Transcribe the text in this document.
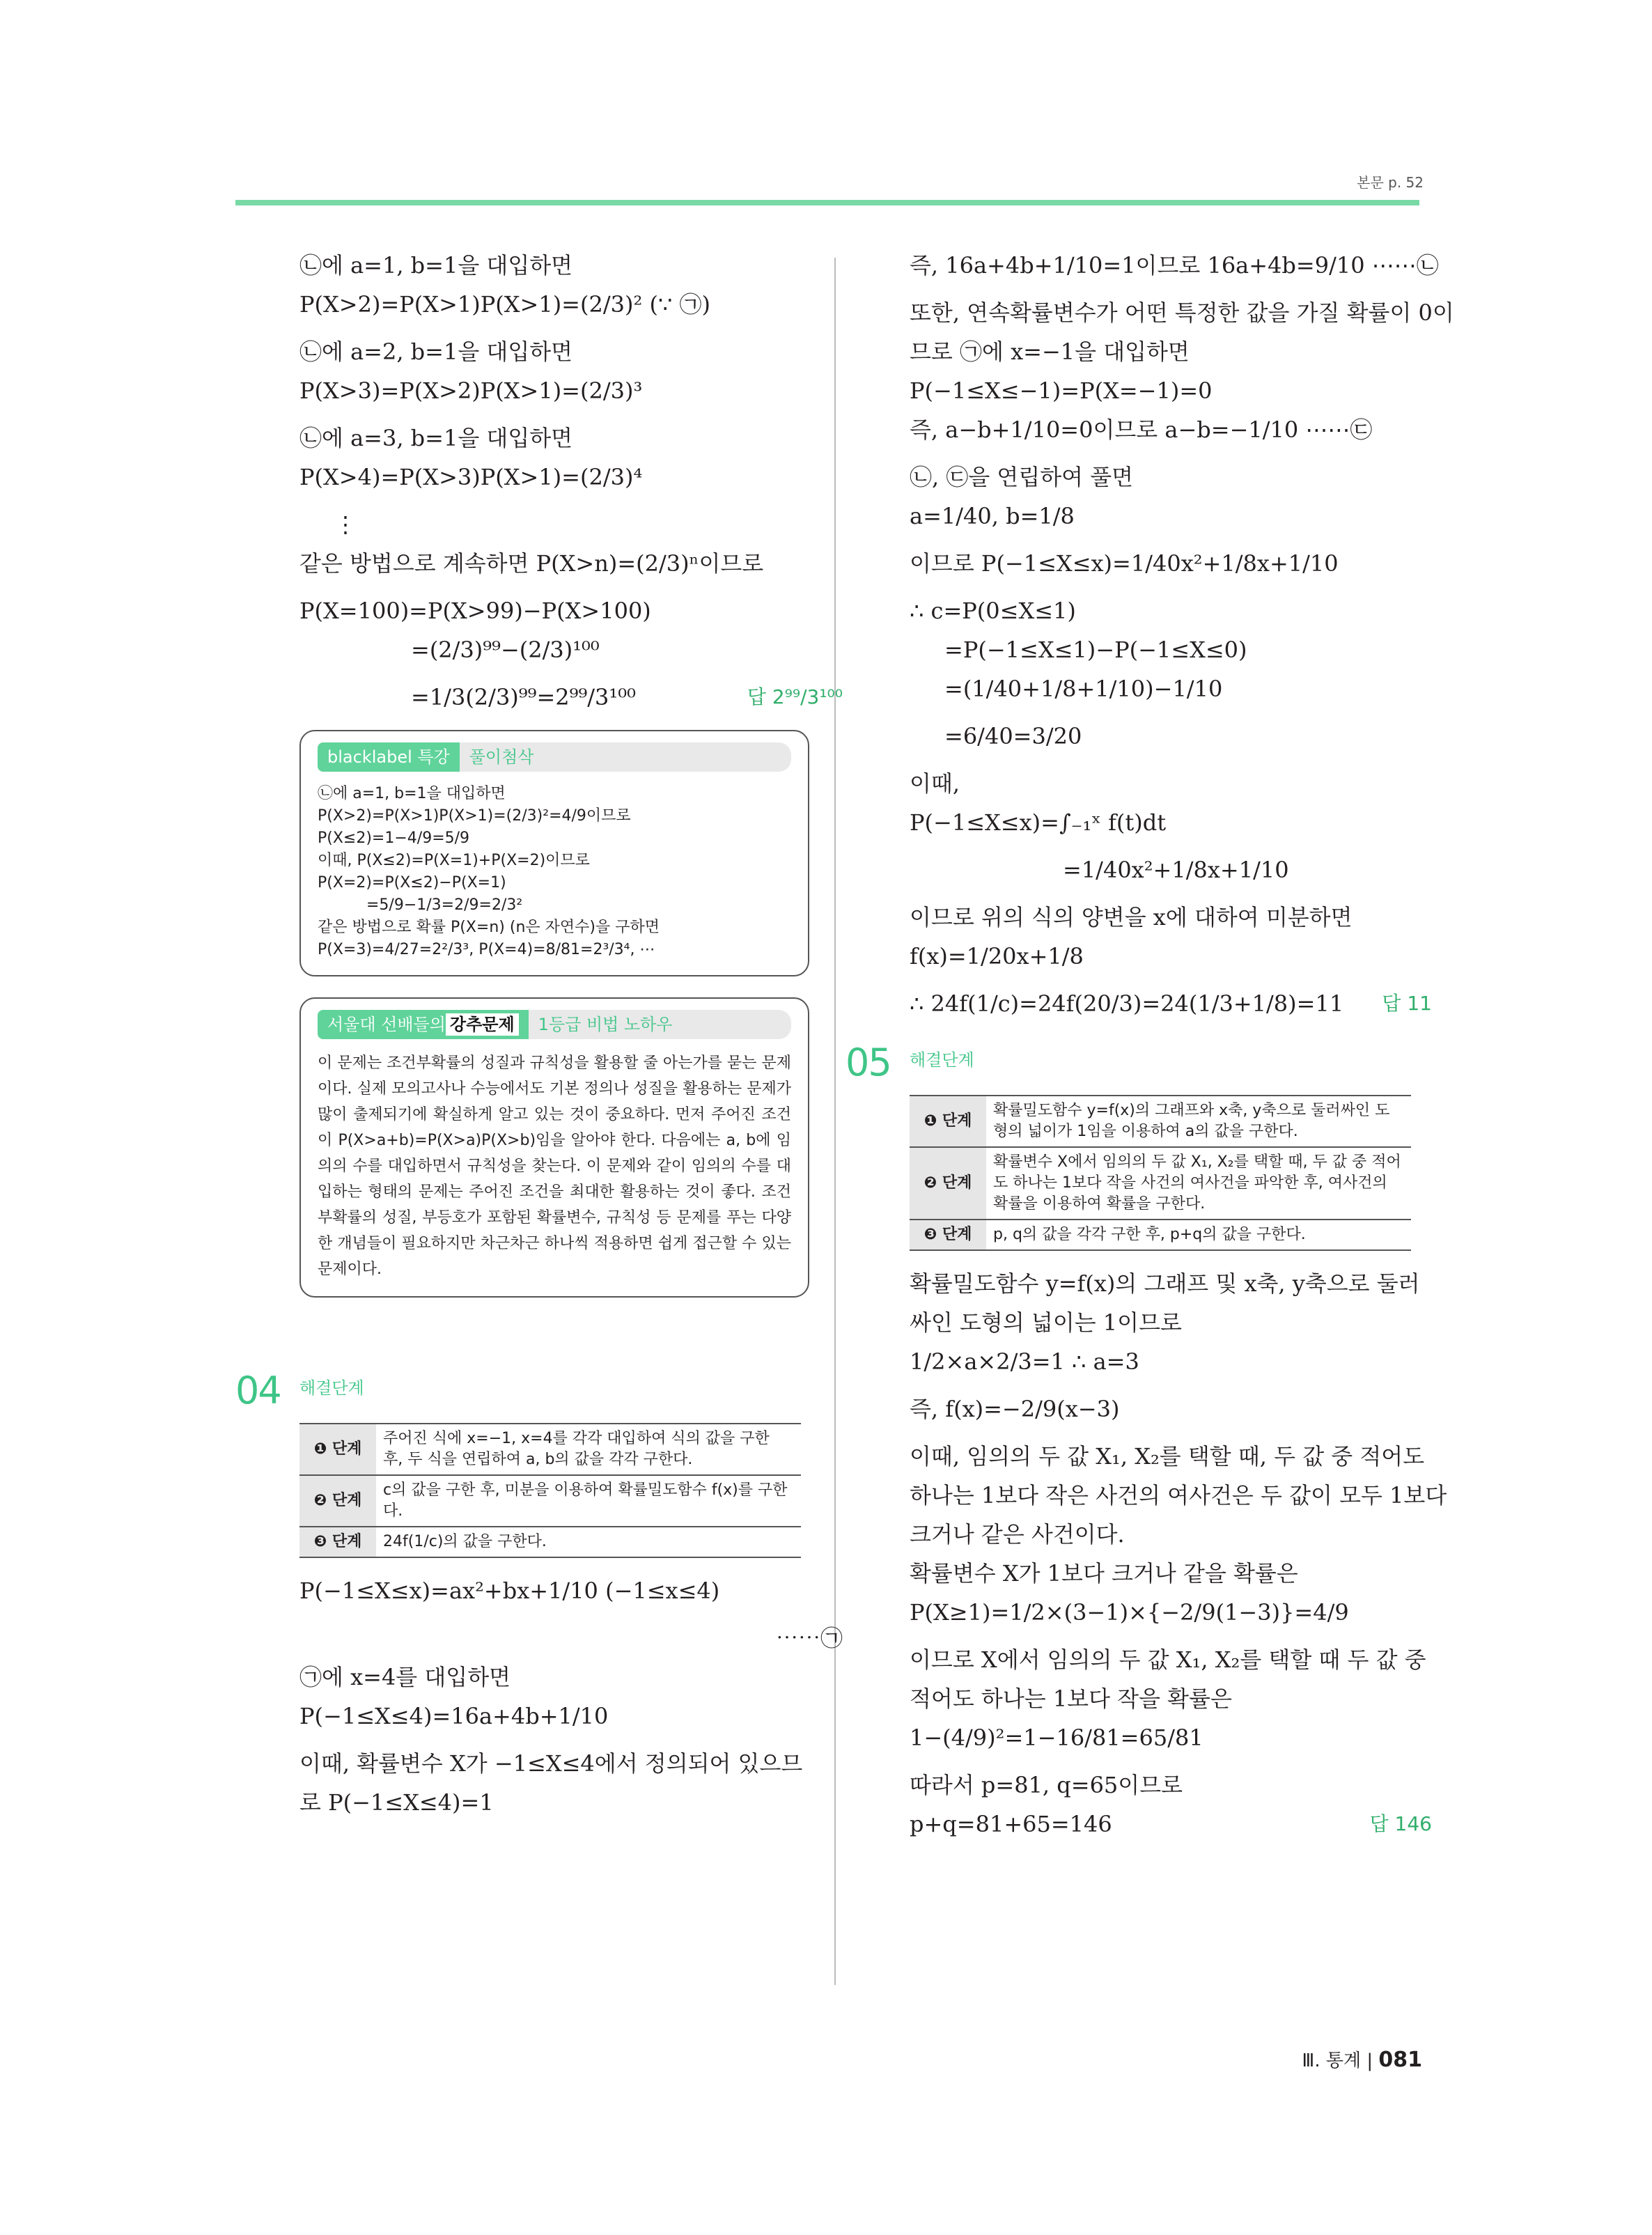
본문 p. 52
㉡에 a=1, b=1을 대입하면
P(X>2)=P(X>1)P(X>1)=(2/3)² (∵ ㉠)
㉡에 a=2, b=1을 대입하면
P(X>3)=P(X>2)P(X>1)=(2/3)³
㉡에 a=3, b=1을 대입하면
P(X>4)=P(X>3)P(X>1)=(2/3)⁴
⋮
같은 방법으로 계속하면 P(X>n)=(2/3)ⁿ이므로
P(X=100)=P(X>99)−P(X>100)
=(2/3)⁹⁹−(2/3)¹⁰⁰
=1/3(2/3)⁹⁹=2⁹⁹/3¹⁰⁰	답 2⁹⁹/3¹⁰⁰
blacklabel 특강	풀이첨삭
㉡에 a=1, b=1을 대입하면
P(X>2)=P(X>1)P(X>1)=(2/3)²=4/9이므로
P(X≤2)=1−4/9=5/9
이때, P(X≤2)=P(X=1)+P(X=2)이므로
P(X=2)=P(X≤2)−P(X=1)
=5/9−1/3=2/9=2/3²
같은 방법으로 확률 P(X=n) (n은 자연수)을 구하면
P(X=3)=4/27=2²/3³, P(X=4)=8/81=2³/3⁴, ⋯
서울대 선배들의 강추문제	1등급 비법 노하우
이 문제는 조건부확률의 성질과 규칙성을 활용할 줄 아는가를 묻는 문제이다. 실제 모의고사나 수능에서도 기본 정의나 성질을 활용하는 문제가 많이 출제되기에 확실하게 알고 있는 것이 중요하다. 먼저 주어진 조건이 P(X>a+b)=P(X>a)P(X>b)임을 알아야 한다. 다음에는 a, b에 임의의 수를 대입하면서 규칙성을 찾는다. 이 문제와 같이 임의의 수를 대입하는 형태의 문제는 주어진 조건을 최대한 활용하는 것이 좋다. 조건부확률의 성질, 부등호가 포함된 확률변수, 규칙성 등 문제를 푸는 다양한 개념들이 필요하지만 차근차근 하나씩 적용하면 쉽게 접근할 수 있는 문제이다.
04 해결단계
❶ 단계	주어진 식에 x=−1, x=4를 각각 대입하여 식의 값을 구한 후, 두 식을 연립하여 a, b의 값을 각각 구한다.
❷ 단계	c의 값을 구한 후, 미분을 이용하여 확률밀도함수 f(x)를 구한다.
❸ 단계	24f(1/c)의 값을 구한다.
P(−1≤X≤x)=ax²+bx+1/10 (−1≤x≤4)
⋯⋯㉠
㉠에 x=4를 대입하면
P(−1≤X≤4)=16a+4b+1/10
이때, 확률변수 X가 −1≤X≤4에서 정의되어 있으므
로 P(−1≤X≤4)=1
즉, 16a+4b+1/10=1이므로 16a+4b=9/10 ⋯⋯㉡
또한, 연속확률변수가 어떤 특정한 값을 가질 확률이 0이
므로 ㉠에 x=−1을 대입하면
P(−1≤X≤−1)=P(X=−1)=0
즉, a−b+1/10=0이므로 a−b=−1/10 ⋯⋯㉢
㉡, ㉢을 연립하여 풀면
a=1/40, b=1/8
이므로 P(−1≤X≤x)=1/40x²+1/8x+1/10
∴ c=P(0≤X≤1)
=P(−1≤X≤1)−P(−1≤X≤0)
=(1/40+1/8+1/10)−1/10
=6/40=3/20
이때,
P(−1≤X≤x)=∫₋₁ˣ f(t)dt
=1/40x²+1/8x+1/10
이므로 위의 식의 양변을 x에 대하여 미분하면
f(x)=1/20x+1/8
∴ 24f(1/c)=24f(20/3)=24(1/3+1/8)=11 답 11
05 해결단계
❶ 단계	확률밀도함수 y=f(x)의 그래프와 x축, y축으로 둘러싸인 도형의 넓이가 1임을 이용하여 a의 값을 구한다.
❷ 단계	확률변수 X에서 임의의 두 값 X₁, X₂를 택할 때, 두 값 중 적어도 하나는 1보다 작을 사건의 여사건을 파악한 후, 여사건의 확률을 이용하여 확률을 구한다.
❸ 단계	p, q의 값을 각각 구한 후, p+q의 값을 구한다.
확률밀도함수 y=f(x)의 그래프 및 x축, y축으로 둘러
싸인 도형의 넓이는 1이므로
1/2×a×2/3=1 ∴ a=3
즉, f(x)=−2/9(x−3)
이때, 임의의 두 값 X₁, X₂를 택할 때, 두 값 중 적어도
하나는 1보다 작은 사건의 여사건은 두 값이 모두 1보다
크거나 같은 사건이다.
확률변수 X가 1보다 크거나 같을 확률은
P(X≥1)=1/2×(3−1)×{−2/9(1−3)}=4/9
이므로 X에서 임의의 두 값 X₁, X₂를 택할 때 두 값 중
적어도 하나는 1보다 작을 확률은
1−(4/9)²=1−16/81=65/81
따라서 p=81, q=65이므로
p+q=81+65=146	답 146
Ⅲ. 통계 | 081
